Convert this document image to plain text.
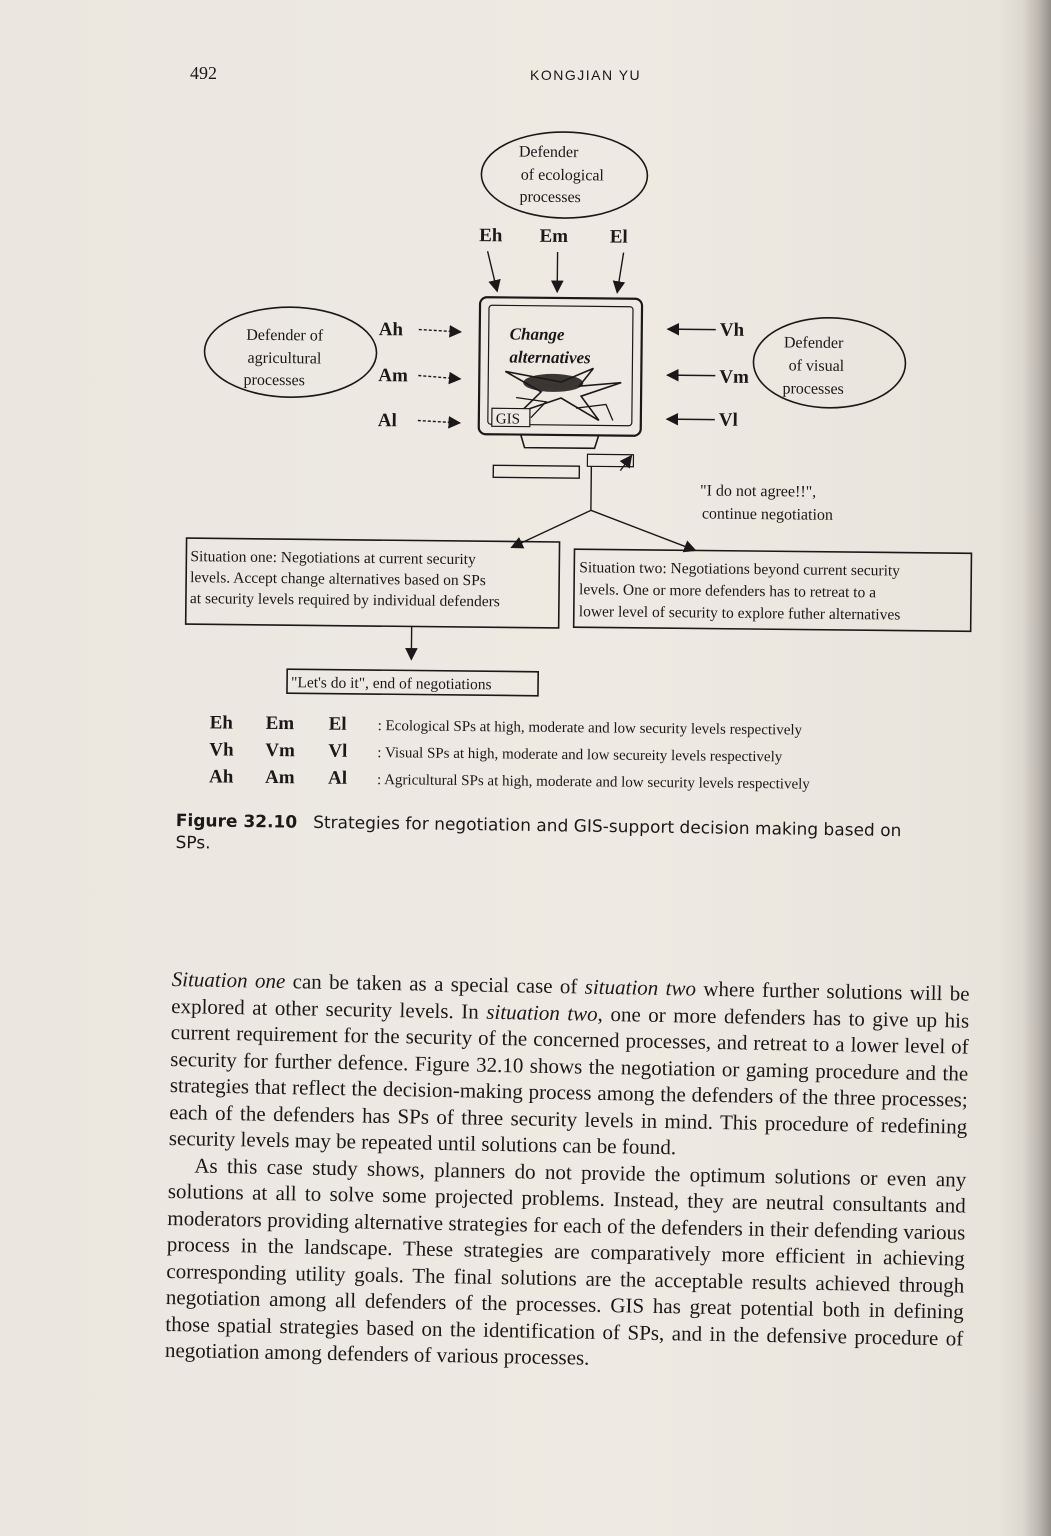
492	KONGJIAN YU
Defender
of ecological
processes
Eh Em El
Defender of
agricultural
processes
Ah
Am
Al
Change
alternatives
GIS
Defender
of visual
processes
Vh
Vm
Vl
"I do not agree!!",
continue negotiation
Situation one: Negotiations at current security
levels. Accept change alternatives based on SPs
at security levels required by individual defenders
Situation two: Negotiations beyond current security
levels. One or more defenders has to retreat to a
lower level of security to explore futher alternatives
"Let's do it", end of negotiations
Eh Em El : Ecological SPs at high, moderate and low security levels respectively
Vh Vm Vl : Visual SPs at high, moderate and low secureity levels respectively
Ah Am Al : Agricultural SPs at high, moderate and low security levels respectively
Figure 32.10 Strategies for negotiation and GIS-support decision making based on SPs.

Situation one can be taken as a special case of situation two where further solutions will be explored at other security levels. In situation two, one or more defenders has to give up his current requirement for the security of the concerned processes, and retreat to a lower level of security for further defence. Figure 32.10 shows the negotiation or gaming procedure and the strategies that reflect the decision-making process among the defenders of the three processes; each of the defenders has SPs of three security levels in mind. This procedure of redefining security levels may be repeated until solutions can be found.

As this case study shows, planners do not provide the optimum solutions or even any solutions at all to solve some projected problems. Instead, they are neutral consultants and moderators providing alternative strategies for each of the defenders in their defending various process in the landscape. These strategies are comparatively more efficient in achieving corresponding utility goals. The final solutions are the acceptable results achieved through negotiation among all defenders of the processes. GIS has great potential both in defining those spatial strategies based on the identification of SPs, and in the defensive procedure of negotiation among defenders of various processes.
